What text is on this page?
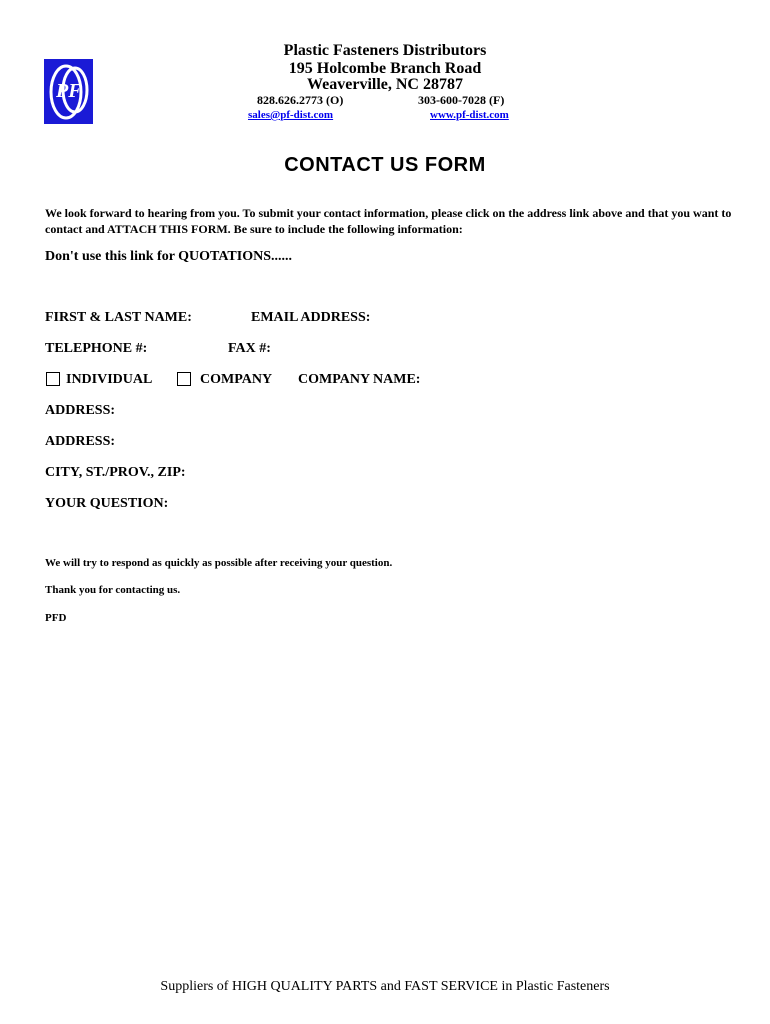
PF
Plastic Fasteners Distributors
195 Holcombe Branch Road
Weaverville, NC 28787
828.626.2773 (O)	303-600-7028 (F)
sales@pf-dist.com	www.pf-dist.com
CONTACT US FORM
We look forward to hearing from you. To submit your contact information, please click on the address link above and that you want to contact and ATTACH THIS FORM. Be sure to include the following information:
Don't use this link for QUOTATIONS......
FIRST & LAST NAME:	EMAIL ADDRESS:
TELEPHONE #:	FAX #:
INDIVIDUAL	COMPANY COMPANY NAME:
ADDRESS:
ADDRESS:
CITY, ST./PROV., ZIP:
YOUR QUESTION:
We will try to respond as quickly as possible after receiving your question.
Thank you for contacting us.
PFD
Suppliers of HIGH QUALITY PARTS and FAST SERVICE in Plastic Fasteners
